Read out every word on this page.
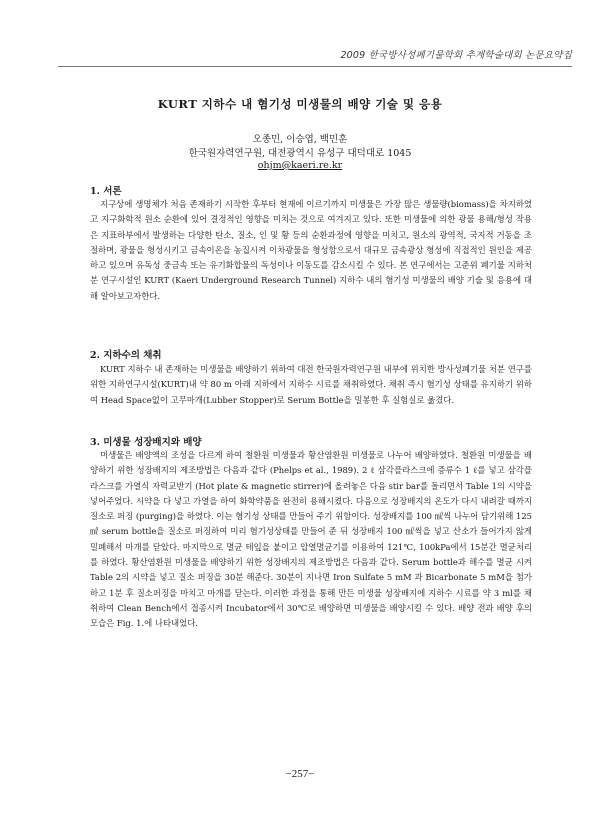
2009 한국방사성폐기물학회 추계학술대회 논문요약집
KURT 지하수 내 혐기성 미생물의 배양 기술 및 응용
오종민, 이승엽, 백민훈
한국원자력연구원, 대전광역시 유성구 대덕대로 1045
ohjm@kaeri.re.kr
1. 서론

지구상에 생명체가 처음 존재하기 시작한 후부터 현재에 이르기까지 미생물은 가장 많은 생물량(biomass)을 차지하였고 지구화학적 원소 순환에 있어 결정적인 영향을 미치는 것으로 여겨지고 있다. 또한 미생물에 의한 광물 용해/형성 작용은 지표하부에서 발생하는 다양한 탄소, 질소, 인 및 황 등의 순환과정에 영향을 미치고, 원소의 광역적, 국지적 거동을 조절하며, 광물을 형성시키고 금속이온을 농집시켜 이차광물을 형성함으로서 대규모 금속광상 형성에 직접적인 원인을 제공하고 있으며 유독성 중금속 또는 유기화합물의 독성이나 이동도를 감소시킬 수 있다. 본 연구에서는 고준위 폐기물 지하처분 연구시설인 KURT (Kaeri Underground Research Tunnel) 지하수 내의 혐기성 미생물의 배양 기술 및 응용에 대해 알아보고자한다.

2. 지하수의 채취

KURT 지하수 내 존재하는 미생물을 배양하기 위하여 대전 한국원자력연구원 내부에 위치한 방사성폐기물 처분 연구를 위한 지하연구시설(KURT)내 약 80 m 아래 지하에서 지하수 시료를 채취하였다. 채취 즉시 혐기성 상태를 유지하기 위하여 Head Space없이 고무마개(Lubber Stopper)로 Serum Bottle을 밀봉한 후 실험실로 옮겼다.

3. 미생물 성장배지와 배양

미생물은 배양액의 조성을 다르게 하여 철환원 미생물과 황산염환원 미생물로 나누어 배양하였다. 철환원 미생물을 배양하기 위한 성장배지의 제조방법은 다음과 같다 (Phelps et al., 1989). 2 ℓ 삼각플라스크에 증류수 1 ℓ를 넣고 삼각플라스크를 가열식 자력교반기 (Hot plate & magnetic stirrer)에 올려놓은 다음 stir bar를 돌리면서 Table 1의 시약을 넣어주었다. 시약을 다 넣고 가열을 하여 화학약품을 완전히 용해시켰다. 다음으로 성장배지의 온도가 다시 내려갈 때까지 질소로 퍼징 (purging)을 하였다. 이는 혐기성 상태를 만들어 주기 위함이다. 성장배지를 100 ㎖씩 나누어 담기위해 125 ㎖ serum bottle을 질소로 퍼징하여 미리 혐기성상태를 만들어 준 뒤 성장배지 100 ㎖씩을 넣고 산소가 들어가지 않게 밀폐해서 마개를 닫았다. 마지막으로 멸균 테잎을 붙이고 압열멸균기를 이용하여 121℃, 100kPa에서 15분간 멸균처리를 하였다. 황산염환원 미생물을 배양하기 위한 성장배지의 제조방법은 다음과 같다. Serum bottle과 해수를 멸균 시켜 Table 2의 시약을 넣고 질소 퍼징을 30분 해준다. 30분이 지나면 Iron Sulfate 5 mM 과 Bicarbonate 5 mM을 첨가하고 1분 후 질소퍼징을 마치고 마개를 닫는다. 이러한 과정을 통해 만든 미생물 성장배지에 지하수 시료를 약 3 ml를 채취하여 Clean Bench에서 접종시켜 Incubator에서 30℃로 배양하면 미생물을 배양시킬 수 있다. 배양 전과 배양 후의 모습은 Fig. 1.에 나타내었다.

−257−
